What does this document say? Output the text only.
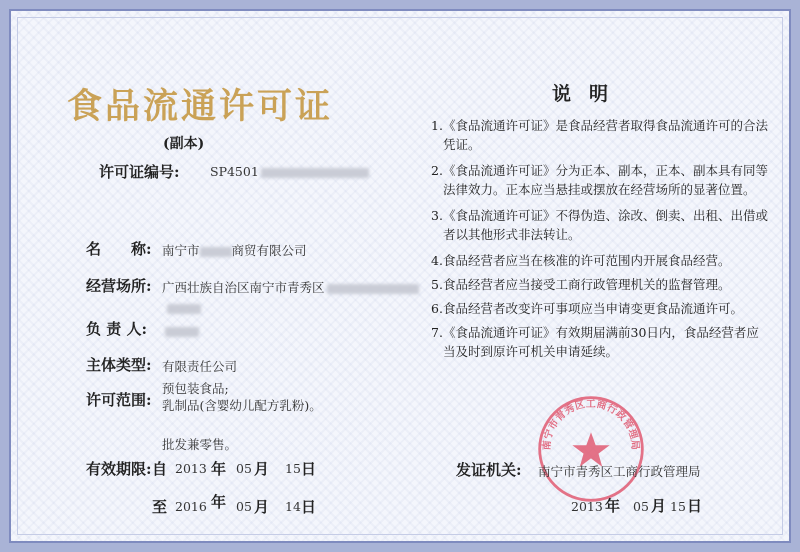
食品流通许可证
(副本)
许可证编号: SP4501
名　　称: 南宁市	商贸有限公司
经营场所: 广西壮族自治区南宁市青秀区
负 责 人:
主体类型: 有限责任公司
许可范围:
预包装食品;
乳制品(含婴幼儿配方乳粉)。
批发兼零售。
有效期限: 自 2013 年 05 月 15 日
至 2016 年 05 月 14 日
说明
1. 《食品流通许可证》是食品经营者取得食品流通许可的合法凭证。
2. 《食品流通许可证》分为正本、副本，正本、副本具有同等法律效力。正本应当悬挂或摆放在经营场所的显著位置。
3. 《食品流通许可证》不得伪造、涂改、倒卖、出租、出借或者以其他形式非法转让。
4. 食品经营者应当在核准的许可范围内开展食品经营。
5. 食品经营者应当接受工商行政管理机关的监督管理。
6. 食品经营者改变许可事项应当申请变更食品流通许可。
7. 《食品流通许可证》有效期届满前30日内，食品经营者应当及时到原许可机关申请延续。
南宁市青秀区工商行政管理局
发证机关: 南宁市青秀区工商行政管理局
2013 年 05 月 15 日
